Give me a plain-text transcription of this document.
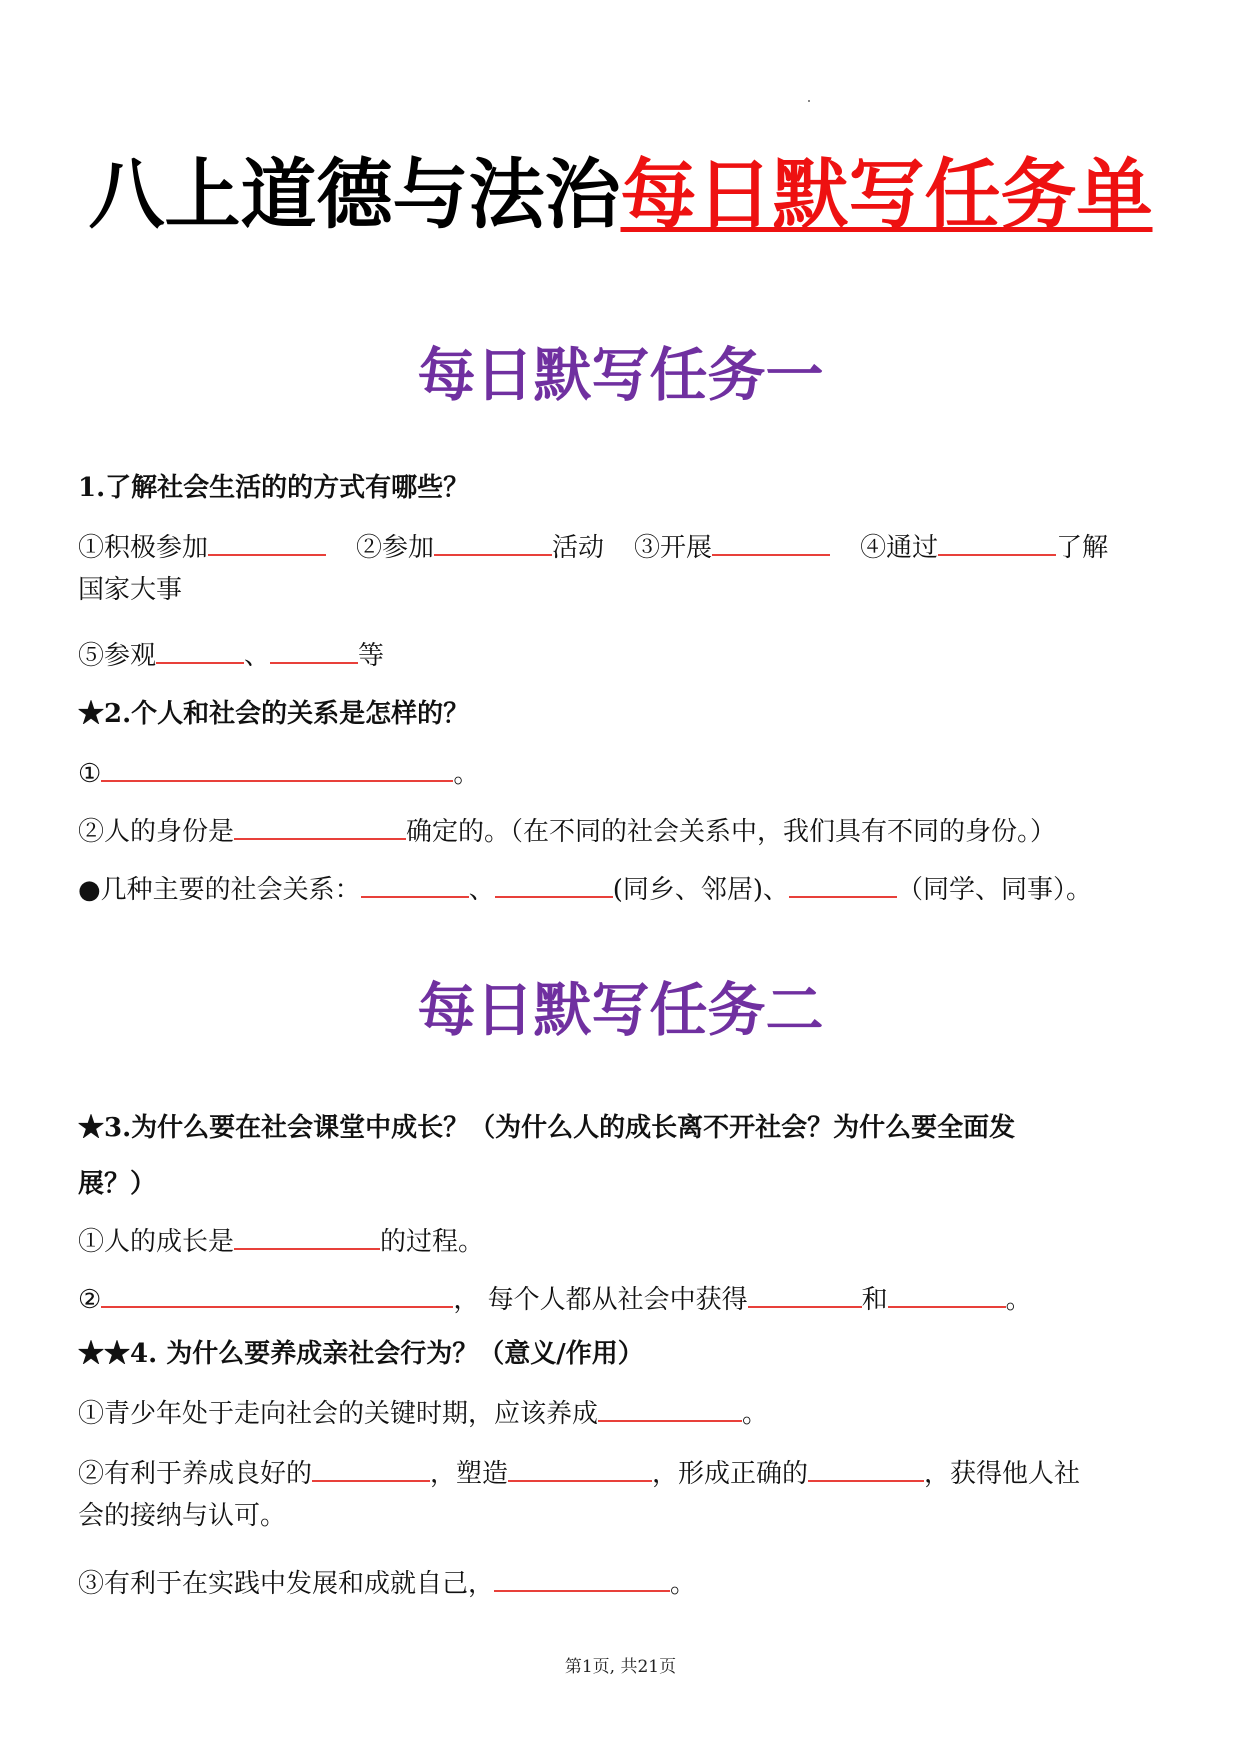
八上道德与法治每日默写任务单
每日默写任务一
1.了解社会生活的的方式有哪些？
①积极参加	②参加	活动 ③开展	④通过	了解
国家大事
⑤参观	、	等
★2.个人和社会的关系是怎样的？
①	。
②人的身份是	确定的。（在不同的社会关系中，我们具有不同的身份。）
●几种主要的社会关系：	、	(同乡、邻居)、	（同学、同事）。
每日默写任务二
★3.为什么要在社会课堂中成长？（为什么人的成长离不开社会？为什么要全面发
展？）
①人的成长是	的过程。
②	， 每个人都从社会中获得	和	。
★★4. 为什么要养成亲社会行为？（意义/作用）
①青少年处于走向社会的关键时期，应该养成	。
②有利于养成良好的	，塑造	，形成正确的	，获得他人社
会的接纳与认可。
③有利于在实践中发展和成就自己，	。
第1页, 共21页
